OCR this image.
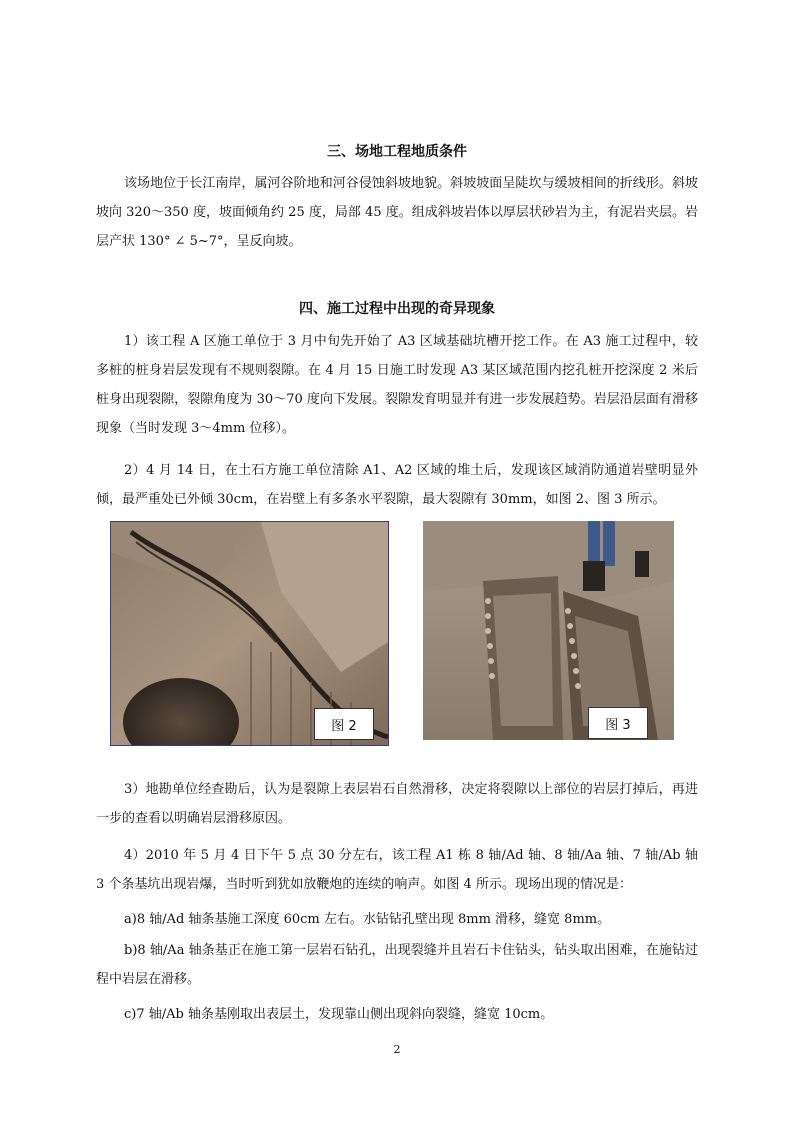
三、场地工程地质条件
该场地位于长江南岸，属河谷阶地和河谷侵蚀斜坡地貌。斜坡坡面呈陡坎与缓坡相间的折线形。斜坡坡向 320～350 度，坡面倾角约 25 度，局部 45 度。组成斜坡岩体以厚层状砂岩为主，有泥岩夹层。岩层产状 130° ∠ 5~7°，呈反向坡。
四、施工过程中出现的奇异现象
1）该工程 A 区施工单位于 3 月中旬先开始了 A3 区域基础坑槽开挖工作。在 A3 施工过程中，较多桩的桩身岩层发现有不规则裂隙。在 4 月 15 日施工时发现 A3 某区域范围内挖孔桩开挖深度 2 米后桩身出现裂隙，裂隙角度为 30～70 度向下发展。裂隙发育明显并有进一步发展趋势。岩层沿层面有滑移现象（当时发现 3～4mm 位移）。
2）4 月 14 日，在土石方施工单位清除 A1、A2 区域的堆土后，发现该区域消防通道岩壁明显外倾，最严重处已外倾 30cm，在岩壁上有多条水平裂隙，最大裂隙有 30mm，如图 2、图 3 所示。
图 2	图 3
3）地勘单位经查勘后，认为是裂隙上表层岩石自然滑移，决定将裂隙以上部位的岩层打掉后，再进一步的查看以明确岩层滑移原因。
4）2010 年 5 月 4 日下午 5 点 30 分左右，该工程 A1 栋 8 轴/Ad 轴、8 轴/Aa 轴、7 轴/Ab 轴 3 个条基坑出现岩爆，当时听到犹如放鞭炮的连续的响声。如图 4 所示。现场出现的情况是：
a)8 轴/Ad 轴条基施工深度 60cm 左右。水钻钻孔壁出现 8mm 滑移，缝宽 8mm。
b)8 轴/Aa 轴条基正在施工第一层岩石钻孔，出现裂缝并且岩石卡住钻头，钻头取出困难，在施钻过程中岩层在滑移。
c)7 轴/Ab 轴条基刚取出表层土，发现靠山侧出现斜向裂缝，缝宽 10cm。
2
